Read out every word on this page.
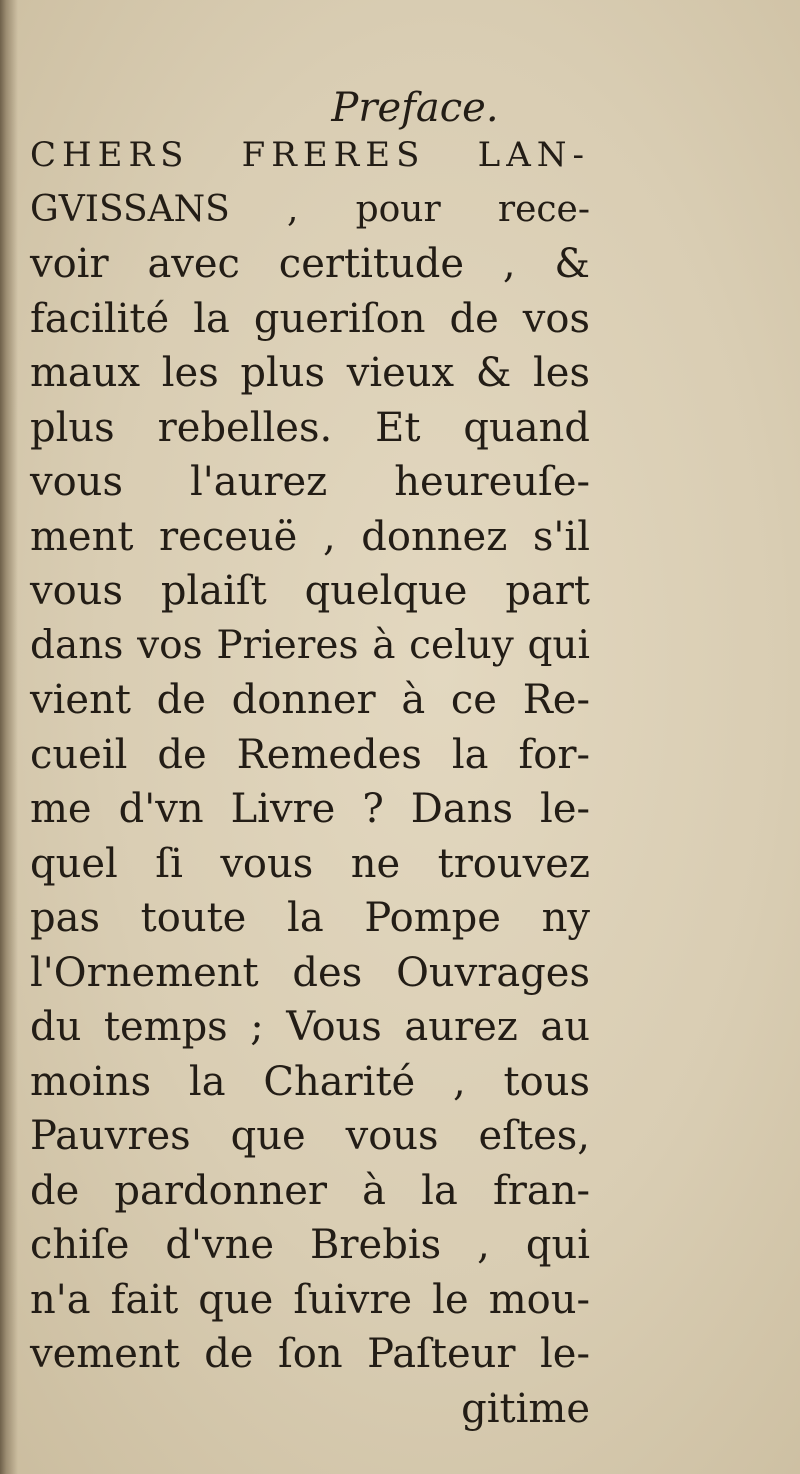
Preface.
CHERS FRERES LAN-
GVISSANS , pour rece-
voir avec certitude , &
facilité la gueriſon de vos
maux les plus vieux & les
plus rebelles. Et quand
vous l'aurez heureuſe-
ment receuë , donnez s'il
vous plaiſt quelque part
dans vos Prieres à celuy qui
vient de donner à ce Re-
cueil de Remedes la for-
me d'vn Livre ? Dans le-
quel ſi vous ne trouvez
pas toute la Pompe ny
l'Ornement des Ouvrages
du temps ; Vous aurez au
moins la Charité , tous
Pauvres que vous eſtes,
de pardonner à la fran-
chiſe d'vne Brebis , qui
n'a fait que ſuivre le mou-
vement de ſon Paſteur le-
gitime
